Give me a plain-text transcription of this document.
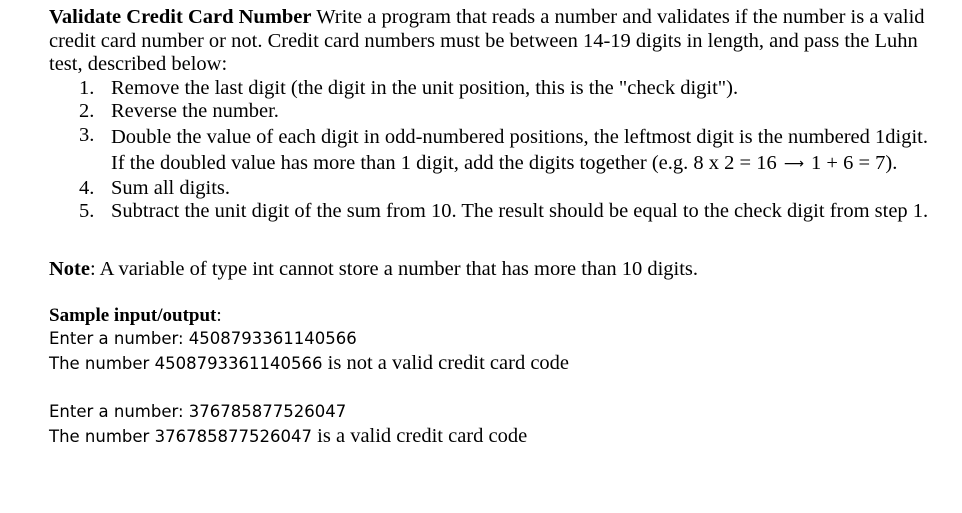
Validate Credit Card Number Write a program that reads a number and validates if the number is a valid credit card number or not. Credit card numbers must be between 14-19 digits in length, and pass the Luhn test, described below:

1. Remove the last digit (the digit in the unit position, this is the "check digit").
2. Reverse the number.
3. Double the value of each digit in odd-numbered positions, the leftmost digit is the numbered 1digit. If the doubled value has more than 1 digit, add the digits together (e.g. 8 x 2 = 16 ⟶ 1 + 6 = 7).
4. Sum all digits.
5. Subtract the unit digit of the sum from 10. The result should be equal to the check digit from step 1.

Note: A variable of type int cannot store a number that has more than 10 digits.

Sample input/output:
Enter a number: 4508793361140566
The number 4508793361140566 is not a valid credit card code
Enter a number: 376785877526047
The number 376785877526047 is a valid credit card code
